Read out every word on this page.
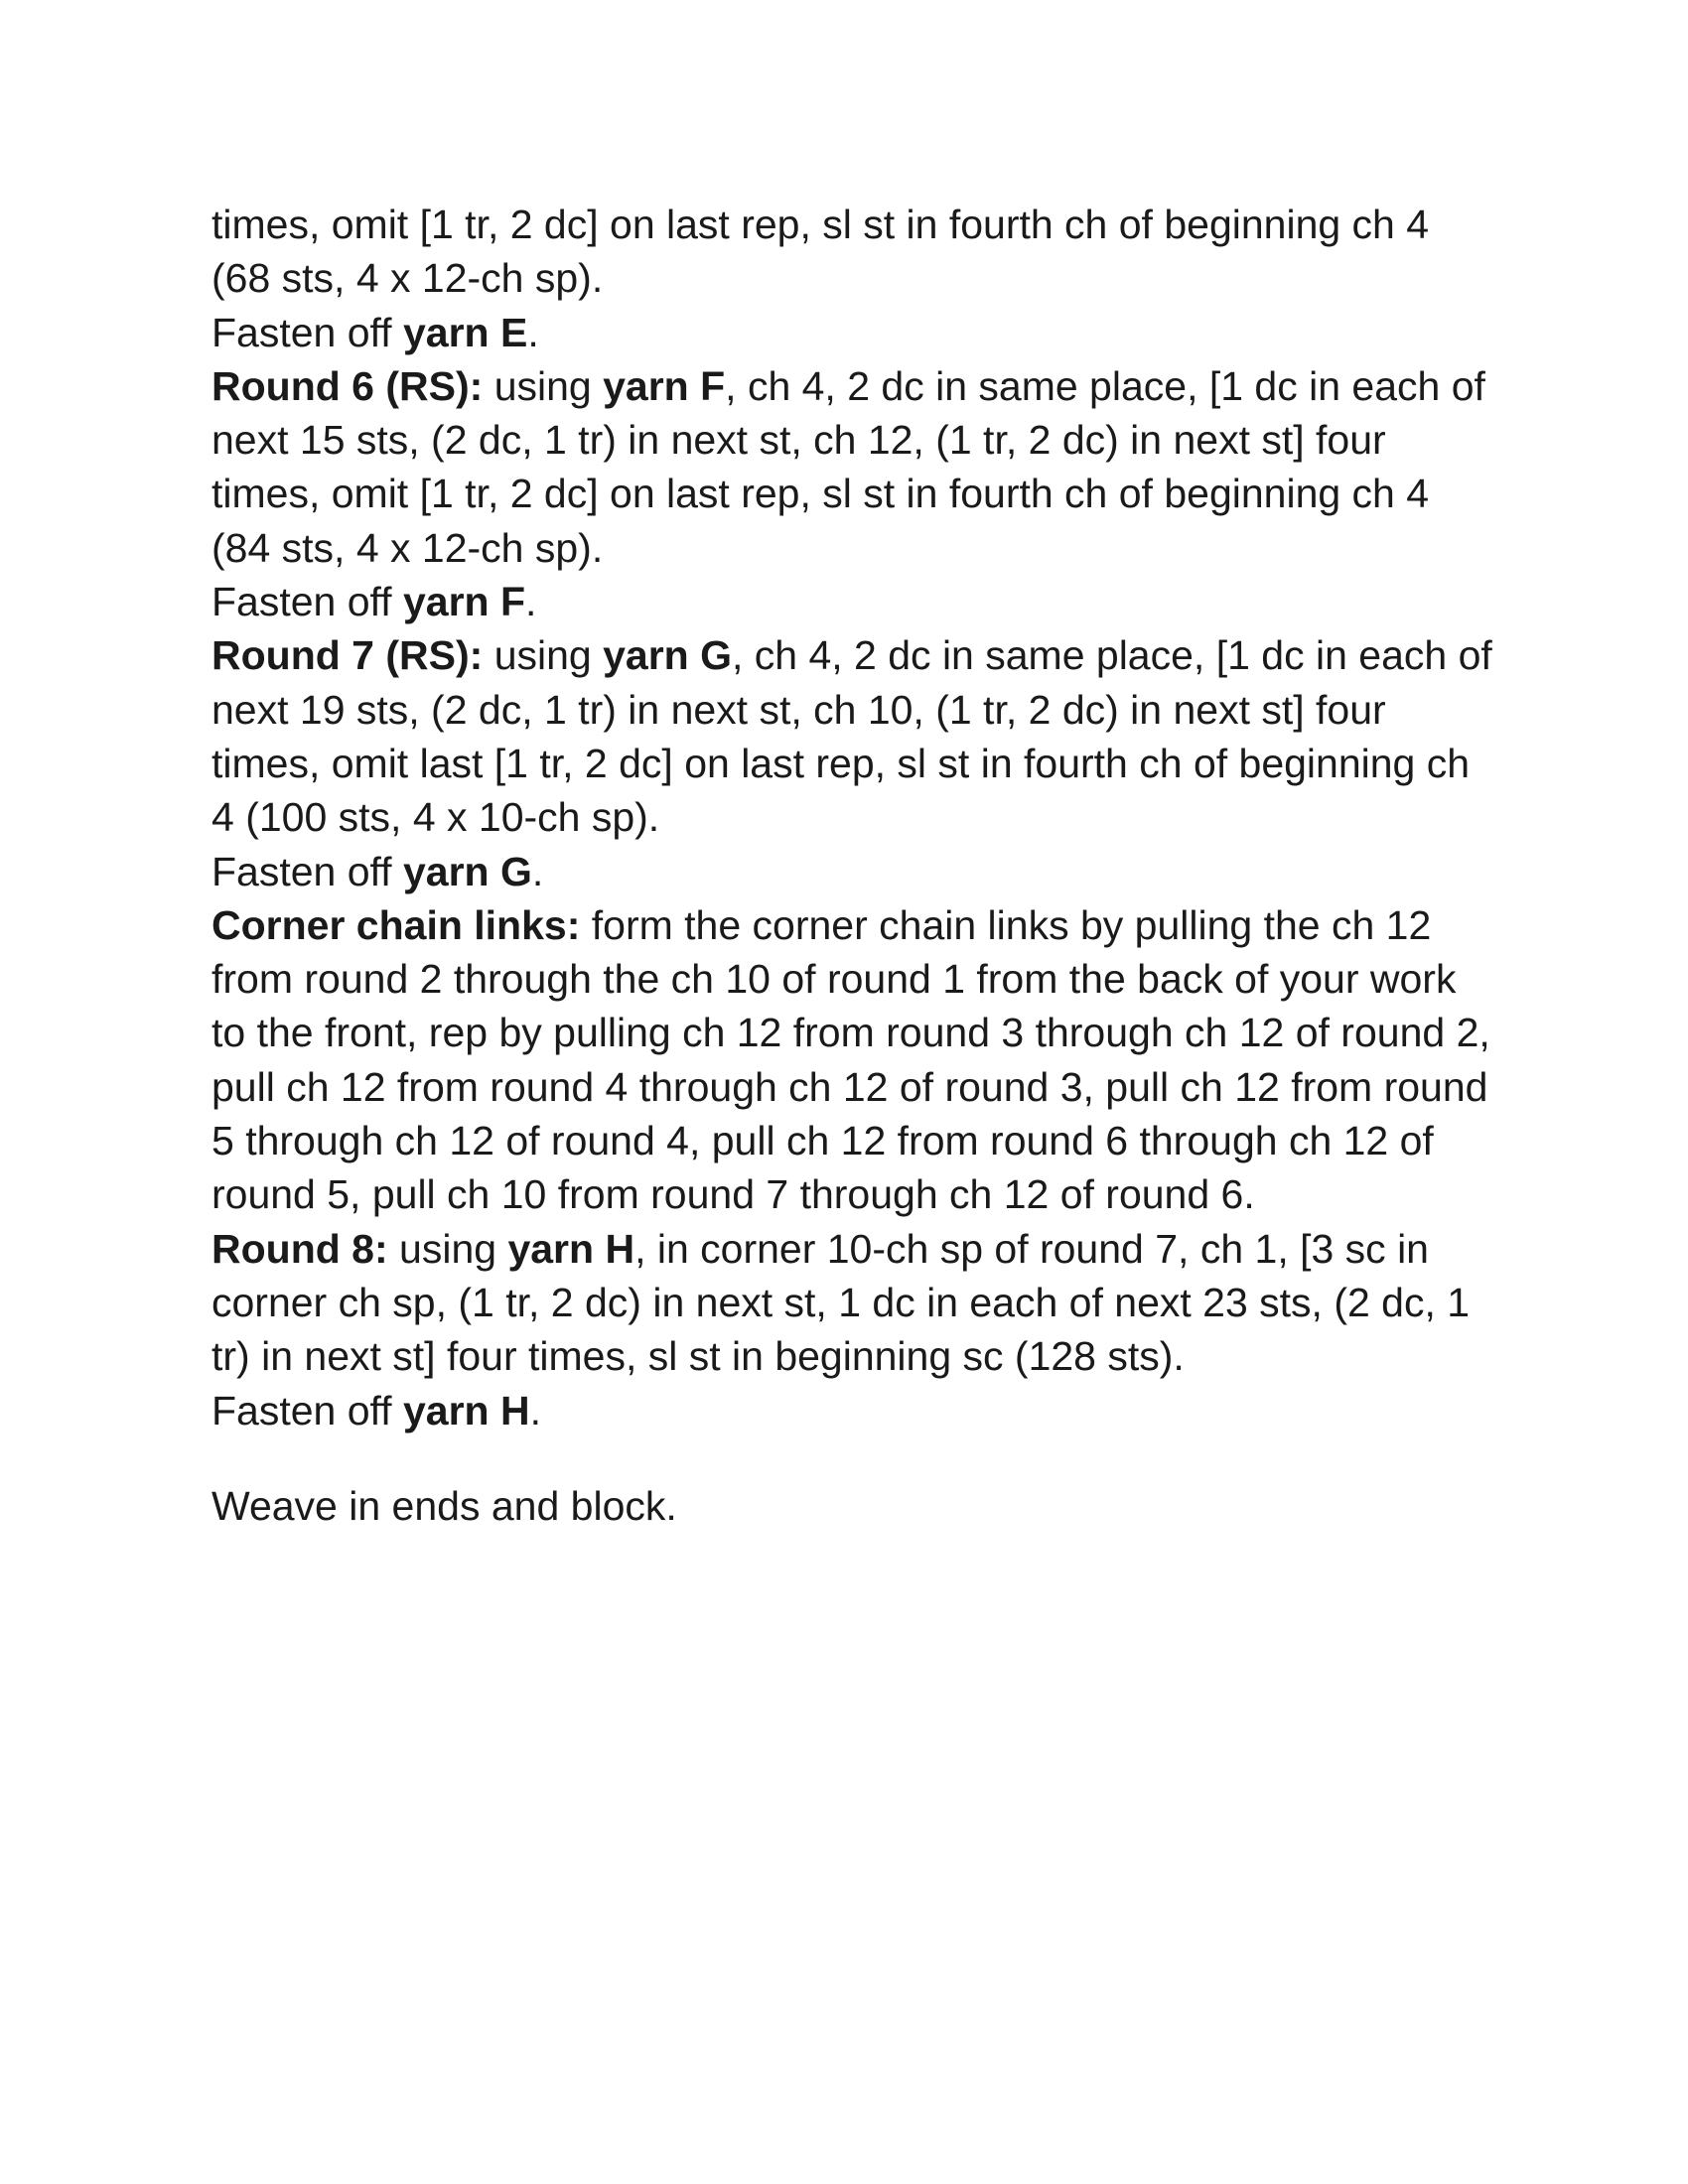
times, omit [1 tr, 2 dc] on last rep, sl st in fourth ch of beginning ch 4 (68 sts, 4 x 12-ch sp).

Fasten off yarn E.

Round 6 (RS): using yarn F, ch 4, 2 dc in same place, [1 dc in each of next 15 sts, (2 dc, 1 tr) in next st, ch 12, (1 tr, 2 dc) in next st] four times, omit [1 tr, 2 dc] on last rep, sl st in fourth ch of beginning ch 4 (84 sts, 4 x 12-ch sp).

Fasten off yarn F.

Round 7 (RS): using yarn G, ch 4, 2 dc in same place, [1 dc in each of next 19 sts, (2 dc, 1 tr) in next st, ch 10, (1 tr, 2 dc) in next st] four times, omit last [1 tr, 2 dc] on last rep, sl st in fourth ch of beginning ch 4 (100 sts, 4 x 10-ch sp).

Fasten off yarn G.

Corner chain links: form the corner chain links by pulling the ch 12 from round 2 through the ch 10 of round 1 from the back of your work to the front, rep by pulling ch 12 from round 3 through ch 12 of round 2, pull ch 12 from round 4 through ch 12 of round 3, pull ch 12 from round 5 through ch 12 of round 4, pull ch 12 from round 6 through ch 12 of round 5, pull ch 10 from round 7 through ch 12 of round 6.

Round 8: using yarn H, in corner 10-ch sp of round 7, ch 1, [3 sc in corner ch sp, (1 tr, 2 dc) in next st, 1 dc in each of next 23 sts, (2 dc, 1 tr) in next st] four times, sl st in beginning sc (128 sts).

Fasten off yarn H.

Weave in ends and block.
